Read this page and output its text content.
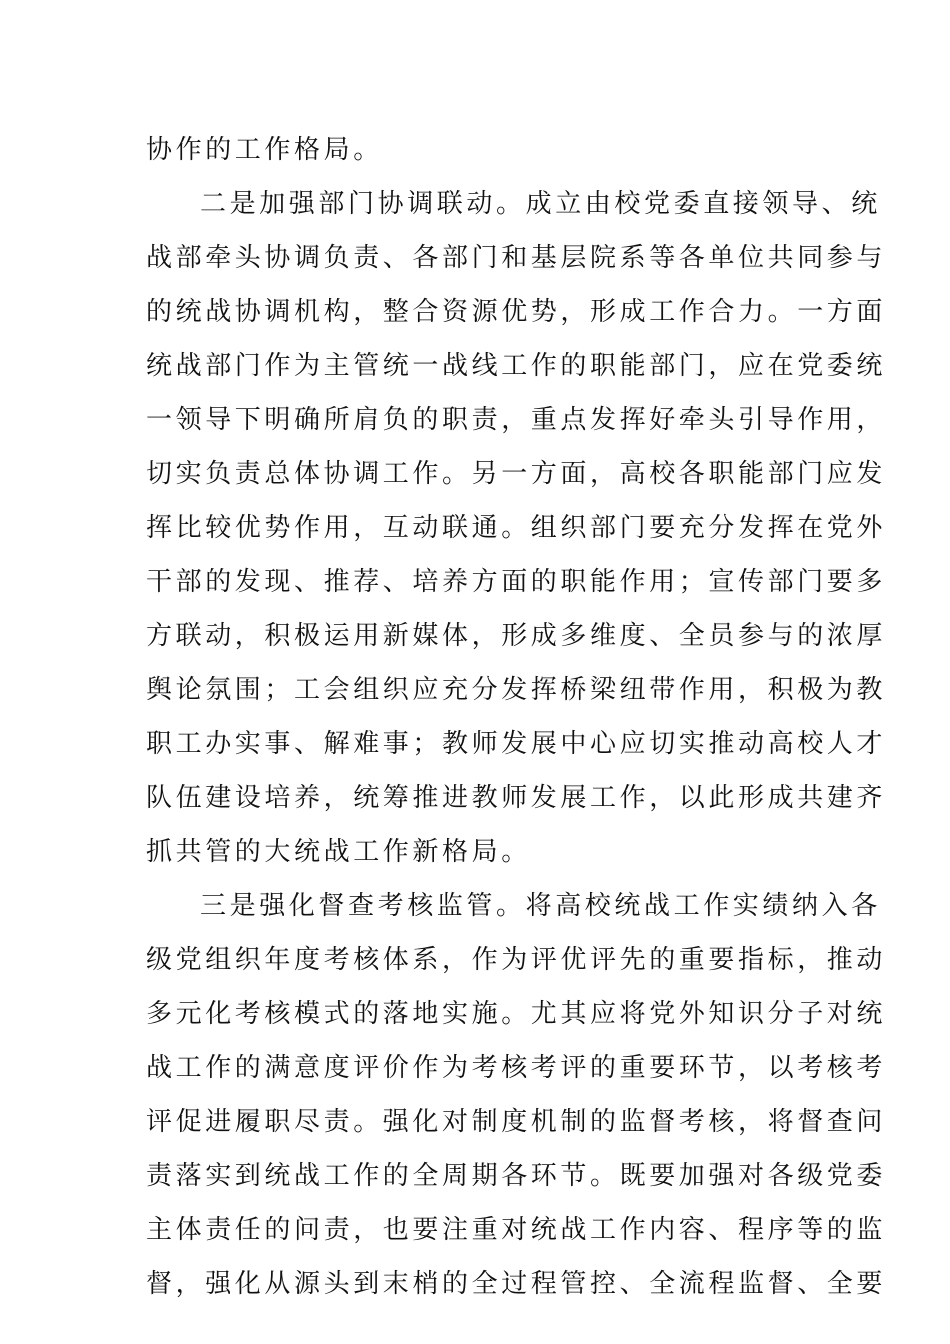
协作的工作格局。
二是加强部门协调联动。成立由校党委直接领导、统
战部牵头协调负责、各部门和基层院系等各单位共同参与
的统战协调机构，整合资源优势，形成工作合力。一方面
统战部门作为主管统一战线工作的职能部门，应在党委统
一领导下明确所肩负的职责，重点发挥好牵头引导作用，
切实负责总体协调工作。另一方面，高校各职能部门应发
挥比较优势作用，互动联通。组织部门要充分发挥在党外
干部的发现、推荐、培养方面的职能作用；宣传部门要多
方联动，积极运用新媒体，形成多维度、全员参与的浓厚
舆论氛围；工会组织应充分发挥桥梁纽带作用，积极为教
职工办实事、解难事；教师发展中心应切实推动高校人才
队伍建设培养，统筹推进教师发展工作，以此形成共建齐
抓共管的大统战工作新格局。
三是强化督查考核监管。将高校统战工作实绩纳入各
级党组织年度考核体系，作为评优评先的重要指标，推动
多元化考核模式的落地实施。尤其应将党外知识分子对统
战工作的满意度评价作为考核考评的重要环节，以考核考
评促进履职尽责。强化对制度机制的监督考核，将督查问
责落实到统战工作的全周期各环节。既要加强对各级党委
主体责任的问责，也要注重对统战工作内容、程序等的监
督，强化从源头到末梢的全过程管控、全流程监督、全要
